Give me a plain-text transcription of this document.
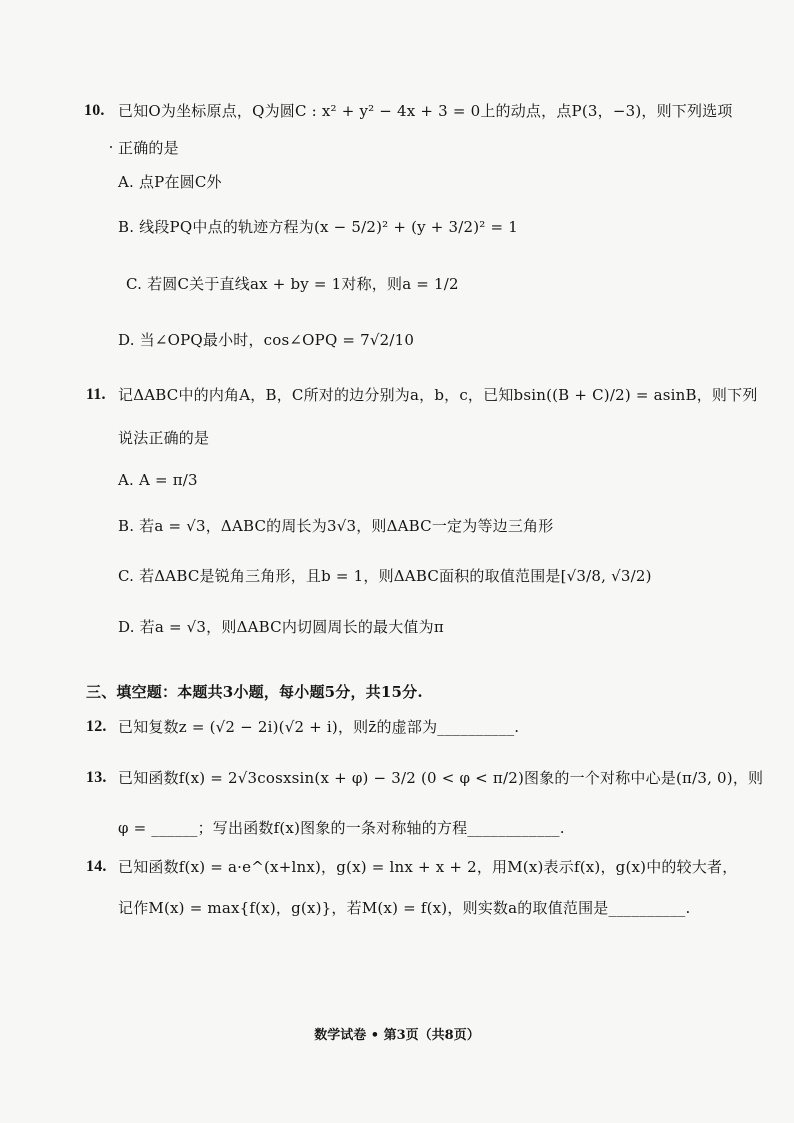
10. 已知O为坐标原点，Q为圆C : x² + y² − 4x + 3 = 0上的动点，点P(3，−3)，则下列选项
正确的是
A. 点P在圆C外
B. 线段PQ中点的轨迹方程为(x − 5/2)² + (y + 3/2)² = 1
C. 若圆C关于直线ax + by = 1对称，则a = 1/2
D. 当∠OPQ最小时，cos∠OPQ = 7√2/10
11. 记ΔABC中的内角A，B，C所对的边分别为a，b，c，已知bsin((B + C)/2) = asinB，则下列
说法正确的是
A. A = π/3
B. 若a = √3，ΔABC的周长为3√3，则ΔABC一定为等边三角形
C. 若ΔABC是锐角三角形，且b = 1，则ΔABC面积的取值范围是[√3/8, √3/2)
D. 若a = √3，则ΔABC内切圆周长的最大值为π
三、填空题：本题共3小题，每小题5分，共15分.
12. 已知复数z = (√2 − 2i)(√2 + i)，则z̄的虚部为__________.
13. 已知函数f(x) = 2√3cosxsin(x + φ) − 3/2 (0 < φ < π/2)图象的一个对称中心是(π/3, 0)，则
φ = ______；写出函数f(x)图象的一条对称轴的方程____________.
14. 已知函数f(x) = a·e^(x+lnx)，g(x) = lnx + x + 2，用M(x)表示f(x)，g(x)中的较大者，
记作M(x) = max{f(x)，g(x)}，若M(x) = f(x)，则实数a的取值范围是__________.
数学试卷 • 第3页（共8页）
